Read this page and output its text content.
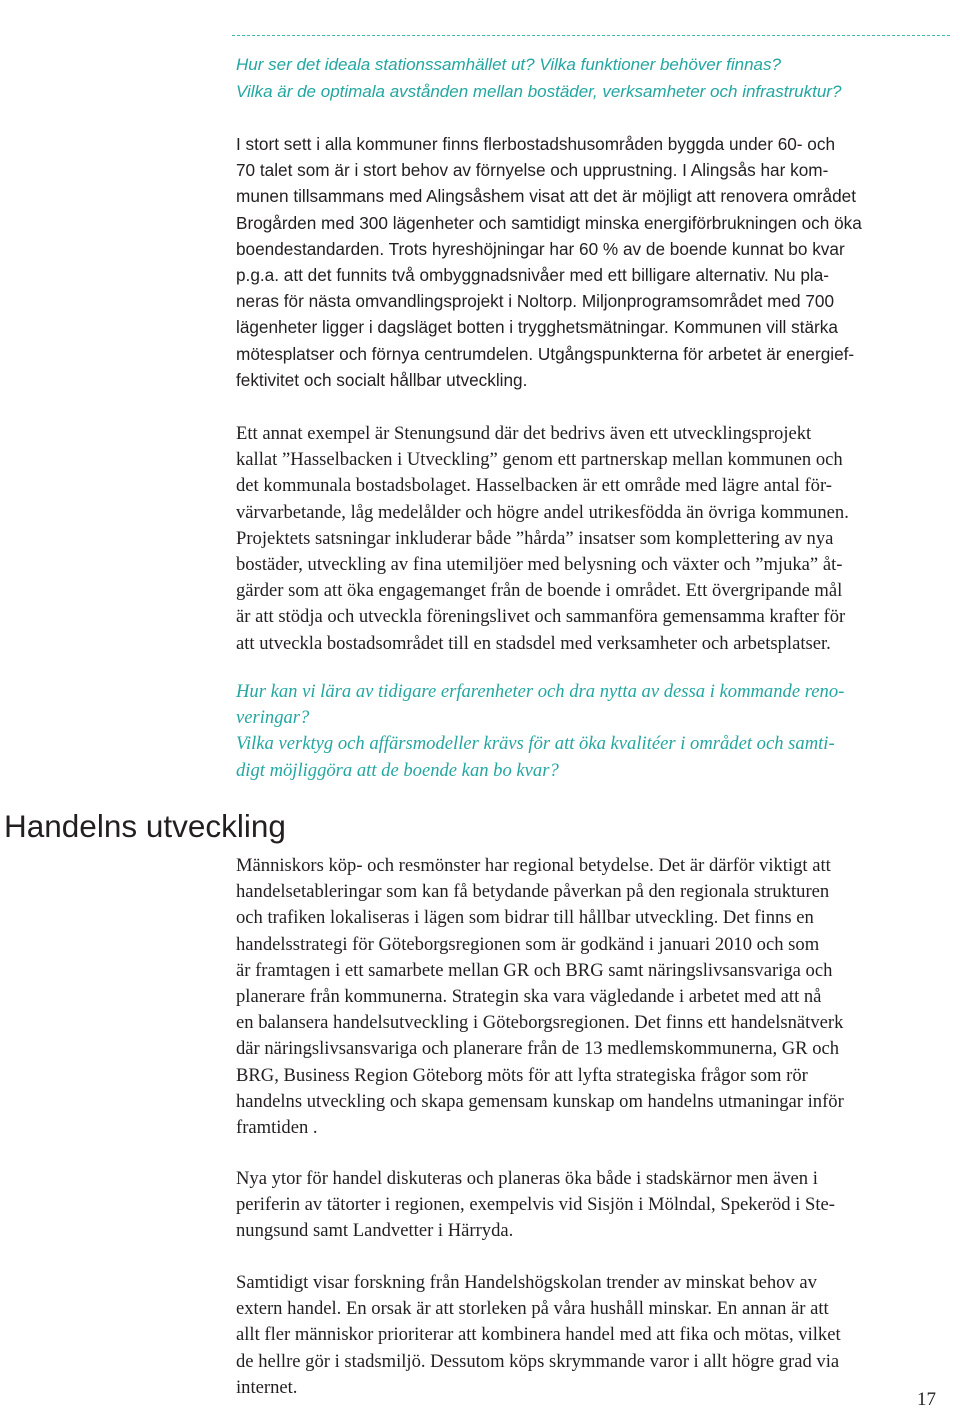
Hur ser det ideala stationssamhället ut? Vilka funktioner behöver finnas?
Vilka är de optimala avstånden mellan bostäder, verksamheter och infrastruktur?

I stort sett i alla kommuner finns flerbostadshusområden byggda under 60- och
70 talet som är i stort behov av förnyelse och upprustning. I Alingsås har kom-
munen tillsammans med Alingsåshem visat att det är möjligt att renovera området
Brogården med 300 lägenheter och samtidigt minska energiförbrukningen och öka
boendestandarden. Trots hyreshöjningar har 60 % av de boende kunnat bo kvar
p.g.a. att det funnits två ombyggnadsnivåer med ett billigare alternativ. Nu pla-
neras för nästa omvandlingsprojekt i Noltorp. Miljonprogramsområdet med 700
lägenheter ligger i dagsläget botten i trygghetsmätningar. Kommunen vill stärka
mötesplatser och förnya centrumdelen. Utgångspunkterna för arbetet är energief-
fektivitet och socialt hållbar utveckling.

Ett annat exempel är Stenungsund där det bedrivs även ett utvecklingsprojekt
kallat ”Hasselbacken i Utveckling” genom ett partnerskap mellan kommunen och
det kommunala bostadsbolaget. Hasselbacken är ett område med lägre antal för-
värvarbetande, låg medelålder och högre andel utrikesfödda än övriga kommunen.
Projektets satsningar inkluderar både ”hårda” insatser som komplettering av nya
bostäder, utveckling av fina utemiljöer med belysning och växter och ”mjuka” åt-
gärder som att öka engagemanget från de boende i området. Ett övergripande mål
är att stödja och utveckla föreningslivet och sammanföra gemensamma krafter för
att utveckla bostadsområdet till en stadsdel med verksamheter och arbetsplatser.

Hur kan vi lära av tidigare erfarenheter och dra nytta av dessa i kommande reno-
veringar?
Vilka verktyg och affärsmodeller krävs för att öka kvalitéer i området och samti-
digt möjliggöra att de boende kan bo kvar?

Handelns utveckling

Människors köp- och resmönster har regional betydelse. Det är därför viktigt att
handelsetableringar som kan få betydande påverkan på den regionala strukturen
och trafiken lokaliseras i lägen som bidrar till hållbar utveckling. Det finns en
handelsstrategi för Göteborgsregionen som är godkänd i januari 2010 och som
är framtagen i ett samarbete mellan GR och BRG samt näringslivsansvariga och
planerare från kommunerna. Strategin ska vara vägledande i arbetet med att nå
en balansera handelsutveckling i Göteborgsregionen. Det finns ett handelsnätverk
där näringslivsansvariga och planerare från de 13 medlemskommunerna, GR och
BRG, Business Region Göteborg möts för att lyfta strategiska frågor som rör
handelns utveckling och skapa gemensam kunskap om handelns utmaningar inför
framtiden .

Nya ytor för handel diskuteras och planeras öka både i stadskärnor men även i
periferin av tätorter i regionen, exempelvis vid Sisjön i Mölndal, Spekeröd i Ste-
nungsund samt Landvetter i Härryda.

Samtidigt visar forskning från Handelshögskolan trender av minskat behov av
extern handel. En orsak är att storleken på våra hushåll minskar. En annan är att
allt fler människor prioriterar att kombinera handel med att fika och mötas, vilket
de hellre gör i stadsmiljö. Dessutom köps skrymmande varor i allt högre grad via
internet.

17
